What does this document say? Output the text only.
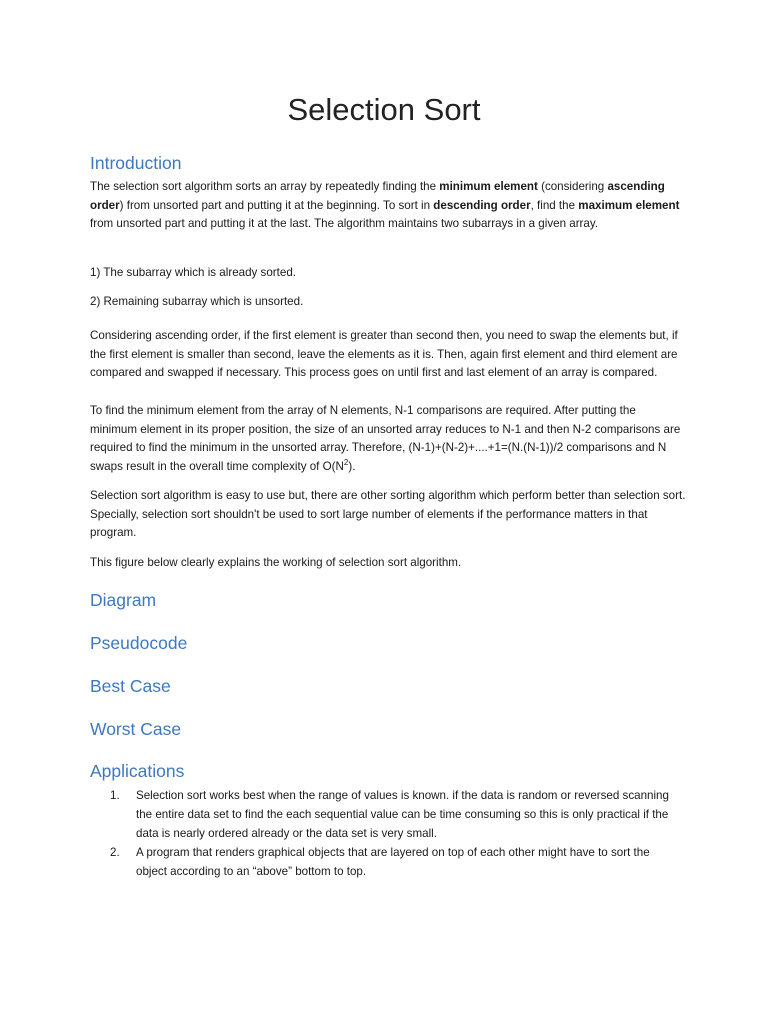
Selection Sort
Introduction

The selection sort algorithm sorts an array by repeatedly finding the minimum element (considering ascending order) from unsorted part and putting it at the beginning. To sort in descending order, find the maximum element from unsorted part and putting it at the last. The algorithm maintains two subarrays in a given array.

1) The subarray which is already sorted.

2) Remaining subarray which is unsorted.

Considering ascending order, if the first element is greater than second then, you need to swap the elements but, if the first element is smaller than second, leave the elements as it is. Then, again first element and third element are compared and swapped if necessary. This process goes on until first and last element of an array is compared.

To find the minimum element from the array of N elements, N-1 comparisons are required. After putting the minimum element in its proper position, the size of an unsorted array reduces to N-1 and then N-2 comparisons are required to find the minimum in the unsorted array. Therefore, (N-1)+(N-2)+....+1=(N.(N-1))/2 comparisons and N swaps result in the overall time complexity of $O(N^2)$.

Selection sort algorithm is easy to use but, there are other sorting algorithm which perform better than selection sort. Specially, selection sort shouldn't be used to sort large number of elements if the performance matters in that program.

This figure below clearly explains the working of selection sort algorithm.

Diagram
Pseudocode
Best Case
Worst Case
Applications
1. Selection sort works best when the range of values is known. if the data is random or reversed scanning the entire data set to find the each sequential value can be time consuming so this is only practical if the data is nearly ordered already or the data set is very small.
2. A program that renders graphical objects that are layered on top of each other might have to sort the object according to an “above” bottom to top.
